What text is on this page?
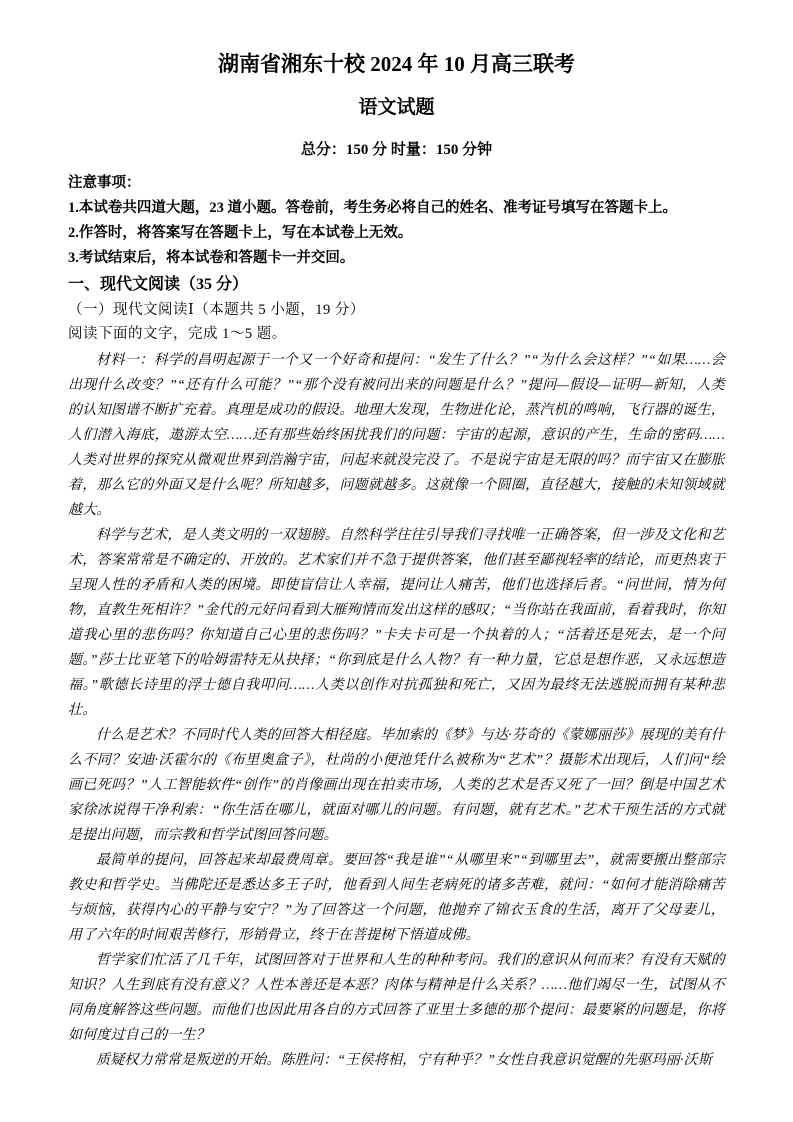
湖南省湘东十校 2024 年 10 月高三联考
语文试题
总分：150 分 时量：150 分钟
注意事项：
1.本试卷共四道大题，23 道小题。答卷前，考生务必将自己的姓名、准考证号填写在答题卡上。
2.作答时，将答案写在答题卡上，写在本试卷上无效。
3.考试结束后，将本试卷和答题卡一并交回。
一、现代文阅读（35 分）
（一）现代文阅读Ⅰ（本题共 5 小题，19 分）
阅读下面的文字，完成 1～5 题。

材料一：科学的昌明起源于一个又一个好奇和提问：“发生了什么？”“为什么会这样？”“如果……会出现什么改变？”“还有什么可能？”“那个没有被问出来的问题是什么？”提问—假设—证明—新知，人类的认知图谱不断扩充着。真理是成功的假设。地理大发现，生物进化论，蒸汽机的鸣响，飞行器的诞生，人们潜入海底，遨游太空……还有那些始终困扰我们的问题：宇宙的起源，意识的产生，生命的密码……人类对世界的探究从微观世界到浩瀚宇宙，问起来就没完没了。不是说宇宙是无限的吗？而宇宙又在膨胀着，那么它的外面又是什么呢？所知越多，问题就越多。这就像一个圆圈，直径越大，接触的未知领域就越大。

科学与艺术，是人类文明的一双翅膀。自然科学往往引导我们寻找唯一正确答案，但一涉及文化和艺术，答案常常是不确定的、开放的。艺术家们并不急于提供答案，他们甚至鄙视轻率的结论，而更热衷于呈现人性的矛盾和人类的困境。即使盲信让人幸福，提问让人痛苦，他们也选择后者。“问世间，情为何物，直教生死相许？”金代的元好问看到大雁殉情而发出这样的感叹；“当你站在我面前，看着我时，你知道我心里的悲伤吗？你知道自己心里的悲伤吗？”卡夫卡可是一个执着的人；“活着还是死去，是一个问题。”莎士比亚笔下的哈姆雷特无从抉择；“你到底是什么人物？有一种力量，它总是想作恶，又永远想造福。”歌德长诗里的浮士德自我叩问……人类以创作对抗孤独和死亡，又因为最终无法逃脱而拥有某种悲壮。

什么是艺术？不同时代人类的回答大相径庭。毕加索的《梦》与达·芬奇的《蒙娜丽莎》展现的美有什么不同？安迪·沃霍尔的《布里奥盒子》，杜尚的小便池凭什么被称为“艺术”？摄影术出现后，人们问“绘画已死吗？”人工智能软件“创作”的肖像画出现在拍卖市场，人类的艺术是否又死了一回？倒是中国艺术家徐冰说得干净利索：“你生活在哪儿，就面对哪儿的问题。有问题，就有艺术。”艺术干预生活的方式就是提出问题，而宗教和哲学试图回答问题。

最简单的提问，回答起来却最费周章。要回答“我是谁”“从哪里来”“到哪里去”，就需要搬出整部宗教史和哲学史。当佛陀还是悉达多王子时，他看到人间生老病死的诸多苦难，就问：“如何才能消除痛苦与烦恼，获得内心的平静与安宁？”为了回答这一个问题，他抛弃了锦衣玉食的生活，离开了父母妻儿，用了六年的时间艰苦修行，形销骨立，终于在菩提树下悟道成佛。

哲学家们忙活了几千年，试图回答对于世界和人生的种种考问。我们的意识从何而来？有没有天赋的知识？人生到底有没有意义？人性本善还是本恶？肉体与精神是什么关系？……他们竭尽一生，试图从不同角度解答这些问题。而他们也因此用各自的方式回答了亚里士多德的那个提问：最要紧的问题是，你将如何度过自己的一生？

质疑权力常常是叛逆的开始。陈胜问：“王侯将相，宁有种乎？”女性自我意识觉醒的先驱玛丽·沃斯
